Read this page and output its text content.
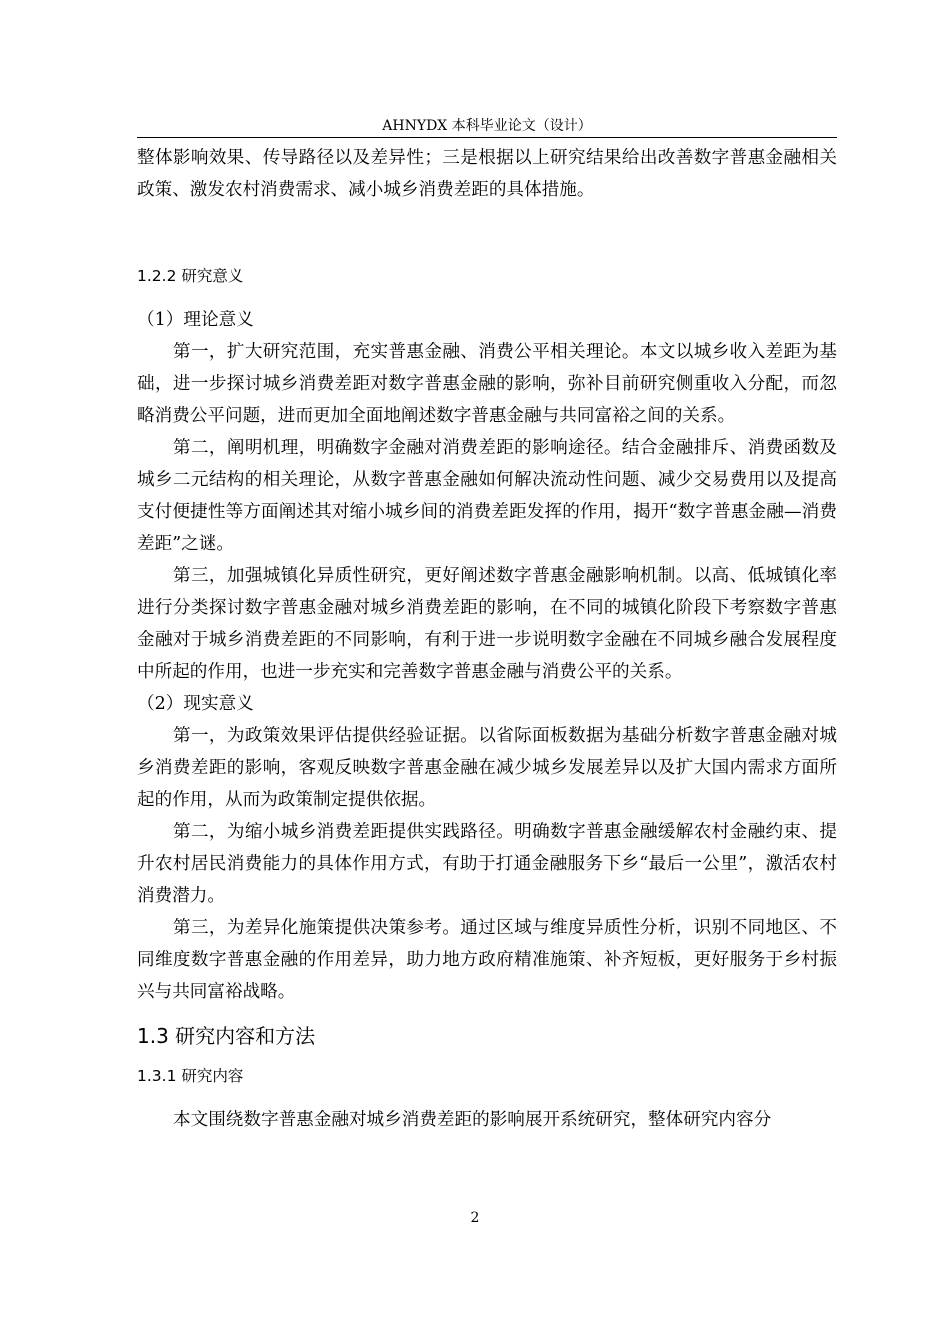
AHNYDX 本科毕业论文（设计）

整体影响效果、传导路径以及差异性；三是根据以上研究结果给出改善数字普惠金融相关政策、激发农村消费需求、减小城乡消费差距的具体措施。

1.2.2 研究意义

（1）理论意义

第一，扩大研究范围，充实普惠金融、消费公平相关理论。本文以城乡收入差距为基础，进一步探讨城乡消费差距对数字普惠金融的影响，弥补目前研究侧重收入分配，而忽略消费公平问题，进而更加全面地阐述数字普惠金融与共同富裕之间的关系。

第二，阐明机理，明确数字金融对消费差距的影响途径。结合金融排斥、消费函数及城乡二元结构的相关理论，从数字普惠金融如何解决流动性问题、减少交易费用以及提高支付便捷性等方面阐述其对缩小城乡间的消费差距发挥的作用，揭开“数字普惠金融—消费差距”之谜。

第三，加强城镇化异质性研究，更好阐述数字普惠金融影响机制。以高、低城镇化率进行分类探讨数字普惠金融对城乡消费差距的影响，在不同的城镇化阶段下考察数字普惠金融对于城乡消费差距的不同影响，有利于进一步说明数字金融在不同城乡融合发展程度中所起的作用，也进一步充实和完善数字普惠金融与消费公平的关系。

（2）现实意义

第一，为政策效果评估提供经验证据。以省际面板数据为基础分析数字普惠金融对城乡消费差距的影响，客观反映数字普惠金融在减少城乡发展差异以及扩大国内需求方面所起的作用，从而为政策制定提供依据。

第二，为缩小城乡消费差距提供实践路径。明确数字普惠金融缓解农村金融约束、提升农村居民消费能力的具体作用方式，有助于打通金融服务下乡“最后一公里”，激活农村消费潜力。

第三，为差异化施策提供决策参考。通过区域与维度异质性分析，识别不同地区、不同维度数字普惠金融的作用差异，助力地方政府精准施策、补齐短板，更好服务于乡村振兴与共同富裕战略。

1.3 研究内容和方法

1.3.1 研究内容

本文围绕数字普惠金融对城乡消费差距的影响展开系统研究，整体研究内容分

2
